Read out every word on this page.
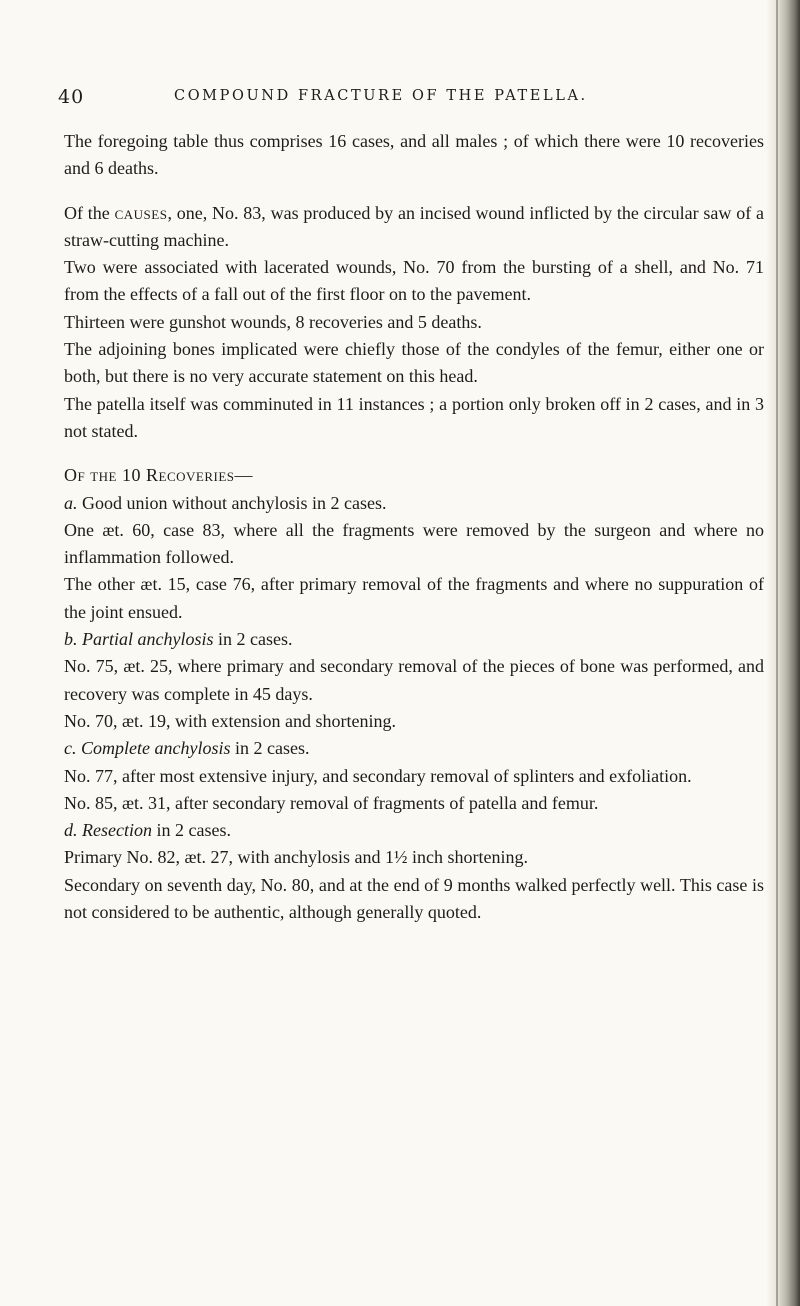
40	COMPOUND FRACTURE OF THE PATELLA.

The foregoing table thus comprises 16 cases, and all males ; of which there were 10 recoveries and 6 deaths.

Of the causes, one, No. 83, was produced by an incised wound inflicted by the circular saw of a straw-cutting machine.

Two were associated with lacerated wounds, No. 70 from the bursting of a shell, and No. 71 from the effects of a fall out of the first floor on to the pavement.

Thirteen were gunshot wounds, 8 recoveries and 5 deaths.

The adjoining bones implicated were chiefly those of the condyles of the femur, either one or both, but there is no very accurate statement on this head.

The patella itself was comminuted in 11 instances ; a portion only broken off in 2 cases, and in 3 not stated.

Of the 10 Recoveries—

a. Good union without anchylosis in 2 cases.

One æt. 60, case 83, where all the fragments were removed by the surgeon and where no inflammation followed.

The other æt. 15, case 76, after primary removal of the fragments and where no suppuration of the joint ensued.

b. Partial anchylosis in 2 cases.

No. 75, æt. 25, where primary and secondary removal of the pieces of bone was performed, and recovery was complete in 45 days.

No. 70, æt. 19, with extension and shortening.

c. Complete anchylosis in 2 cases.

No. 77, after most extensive injury, and secondary removal of splinters and exfoliation.

No. 85, æt. 31, after secondary removal of fragments of patella and femur.

d. Resection in 2 cases.

Primary No. 82, æt. 27, with anchylosis and 1½ inch shortening.

Secondary on seventh day, No. 80, and at the end of 9 months walked perfectly well. This case is not considered to be authentic, although generally quoted.
